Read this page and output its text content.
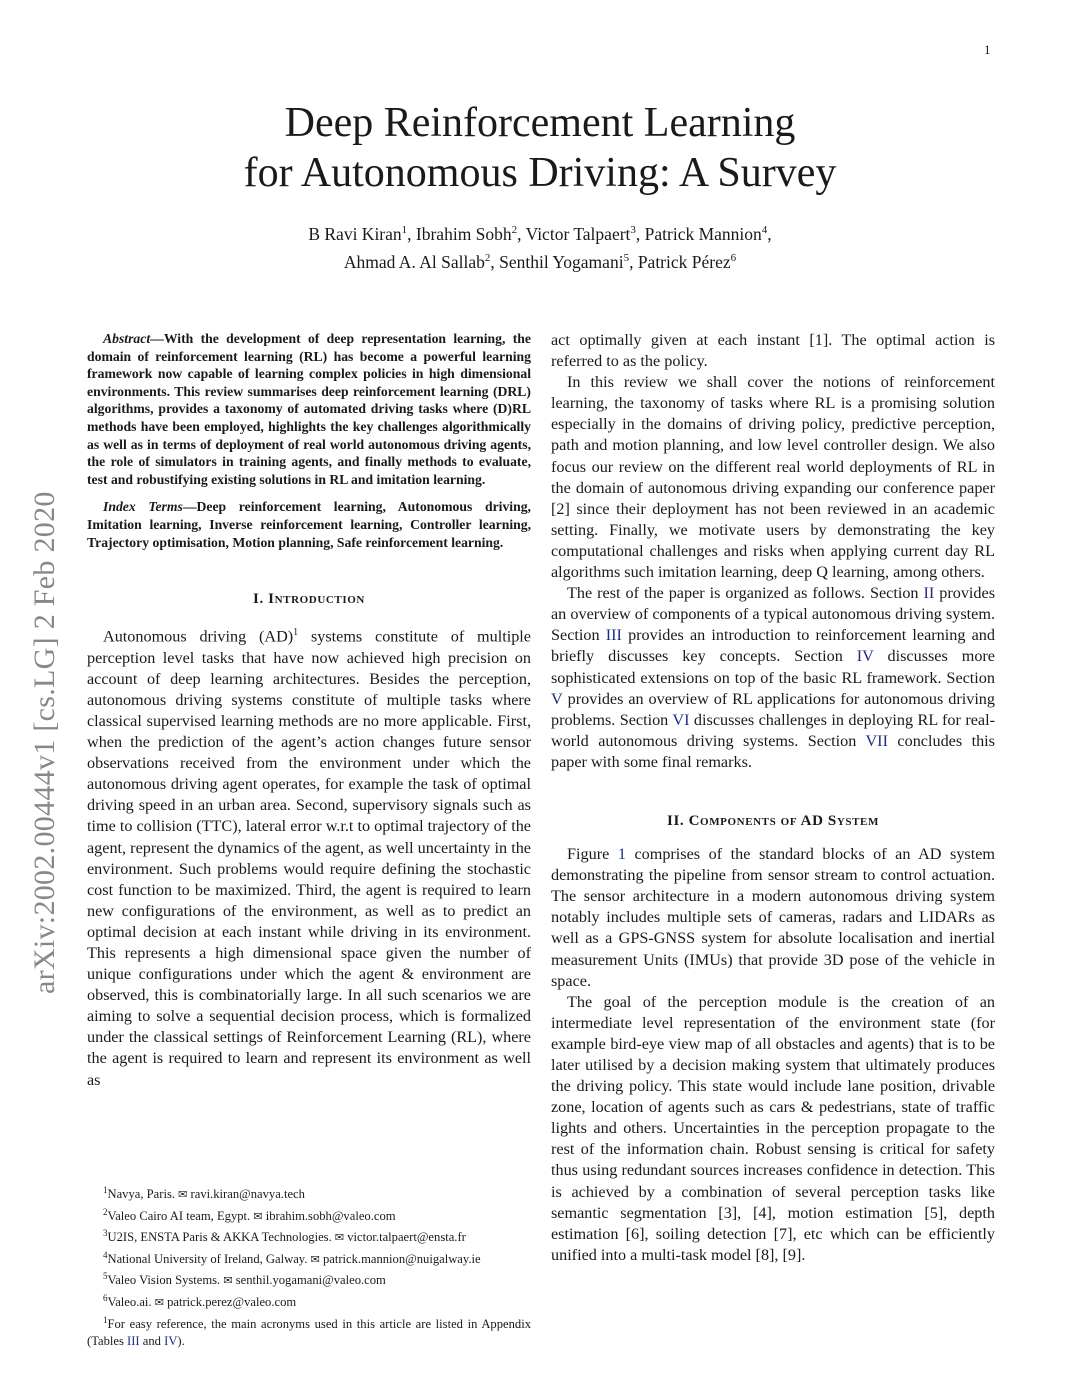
1
arXiv:2002.00444v1 [cs.LG] 2 Feb 2020
Deep Reinforcement Learning
for Autonomous Driving: A Survey
B Ravi Kiran$^1$, Ibrahim Sobh$^2$, Victor Talpaert$^3$, Patrick Mannion$^4$,
Ahmad A. Al Sallab$^2$, Senthil Yogamani$^5$, Patrick Pérez$^6$

Abstract—With the development of deep representation learning, the domain of reinforcement learning (RL) has become a powerful learning framework now capable of learning complex policies in high dimensional environments. This review summarises deep reinforcement learning (DRL) algorithms, provides a taxonomy of automated driving tasks where (D)RL methods have been employed, highlights the key challenges algorithmically as well as in terms of deployment of real world autonomous driving agents, the role of simulators in training agents, and finally methods to evaluate, test and robustifying existing solutions in RL and imitation learning.

Index Terms—Deep reinforcement learning, Autonomous driving, Imitation learning, Inverse reinforcement learning, Controller learning, Trajectory optimisation, Motion planning, Safe reinforcement learning.

I. Introduction

Autonomous driving (AD)$^1$ systems constitute of multiple perception level tasks that have now achieved high precision on account of deep learning architectures. Besides the perception, autonomous driving systems constitute of multiple tasks where classical supervised learning methods are no more applicable. First, when the prediction of the agent’s action changes future sensor observations received from the environment under which the autonomous driving agent operates, for example the task of optimal driving speed in an urban area. Second, supervisory signals such as time to collision (TTC), lateral error w.r.t to optimal trajectory of the agent, represent the dynamics of the agent, as well uncertainty in the environment. Such problems would require defining the stochastic cost function to be maximized. Third, the agent is required to learn new configurations of the environment, as well as to predict an optimal decision at each instant while driving in its environment. This represents a high dimensional space given the number of unique configurations under which the agent & environment are observed, this is combinatorially large. In all such scenarios we are aiming to solve a sequential decision process, which is formalized under the classical settings of Reinforcement Learning (RL), where the agent is required to learn and represent its environment as well as

$^1$Navya, Paris. ✉ ravi.kiran@navya.tech

$^2$Valeo Cairo AI team, Egypt. ✉ ibrahim.sobh@valeo.com

$^3$U2IS, ENSTA Paris & AKKA Technologies. ✉ victor.talpaert@ensta.fr

$^4$National University of Ireland, Galway. ✉ patrick.mannion@nuigalway.ie

$^5$Valeo Vision Systems. ✉ senthil.yogamani@valeo.com

$^6$Valeo.ai. ✉ patrick.perez@valeo.com

$^1$For easy reference, the main acronyms used in this article are listed in Appendix (Tables III and IV).

act optimally given at each instant [1]. The optimal action is referred to as the policy.

In this review we shall cover the notions of reinforcement learning, the taxonomy of tasks where RL is a promising solution especially in the domains of driving policy, predictive perception, path and motion planning, and low level controller design. We also focus our review on the different real world deployments of RL in the domain of autonomous driving expanding our conference paper [2] since their deployment has not been reviewed in an academic setting. Finally, we motivate users by demonstrating the key computational challenges and risks when applying current day RL algorithms such imitation learning, deep Q learning, among others.

The rest of the paper is organized as follows. Section II provides an overview of components of a typical autonomous driving system. Section III provides an introduction to reinforcement learning and briefly discusses key concepts. Section IV discusses more sophisticated extensions on top of the basic RL framework. Section V provides an overview of RL applications for autonomous driving problems. Section VI discusses challenges in deploying RL for real-world autonomous driving systems. Section VII concludes this paper with some final remarks.

II. Components of AD System

Figure 1 comprises of the standard blocks of an AD system demonstrating the pipeline from sensor stream to control actuation. The sensor architecture in a modern autonomous driving system notably includes multiple sets of cameras, radars and LIDARs as well as a GPS-GNSS system for absolute localisation and inertial measurement Units (IMUs) that provide 3D pose of the vehicle in space.

The goal of the perception module is the creation of an intermediate level representation of the environment state (for example bird-eye view map of all obstacles and agents) that is to be later utilised by a decision making system that ultimately produces the driving policy. This state would include lane position, drivable zone, location of agents such as cars & pedestrians, state of traffic lights and others. Uncertainties in the perception propagate to the rest of the information chain. Robust sensing is critical for safety thus using redundant sources increases confidence in detection. This is achieved by a combination of several perception tasks like semantic segmentation [3], [4], motion estimation [5], depth estimation [6], soiling detection [7], etc which can be efficiently unified into a multi-task model [8], [9].
